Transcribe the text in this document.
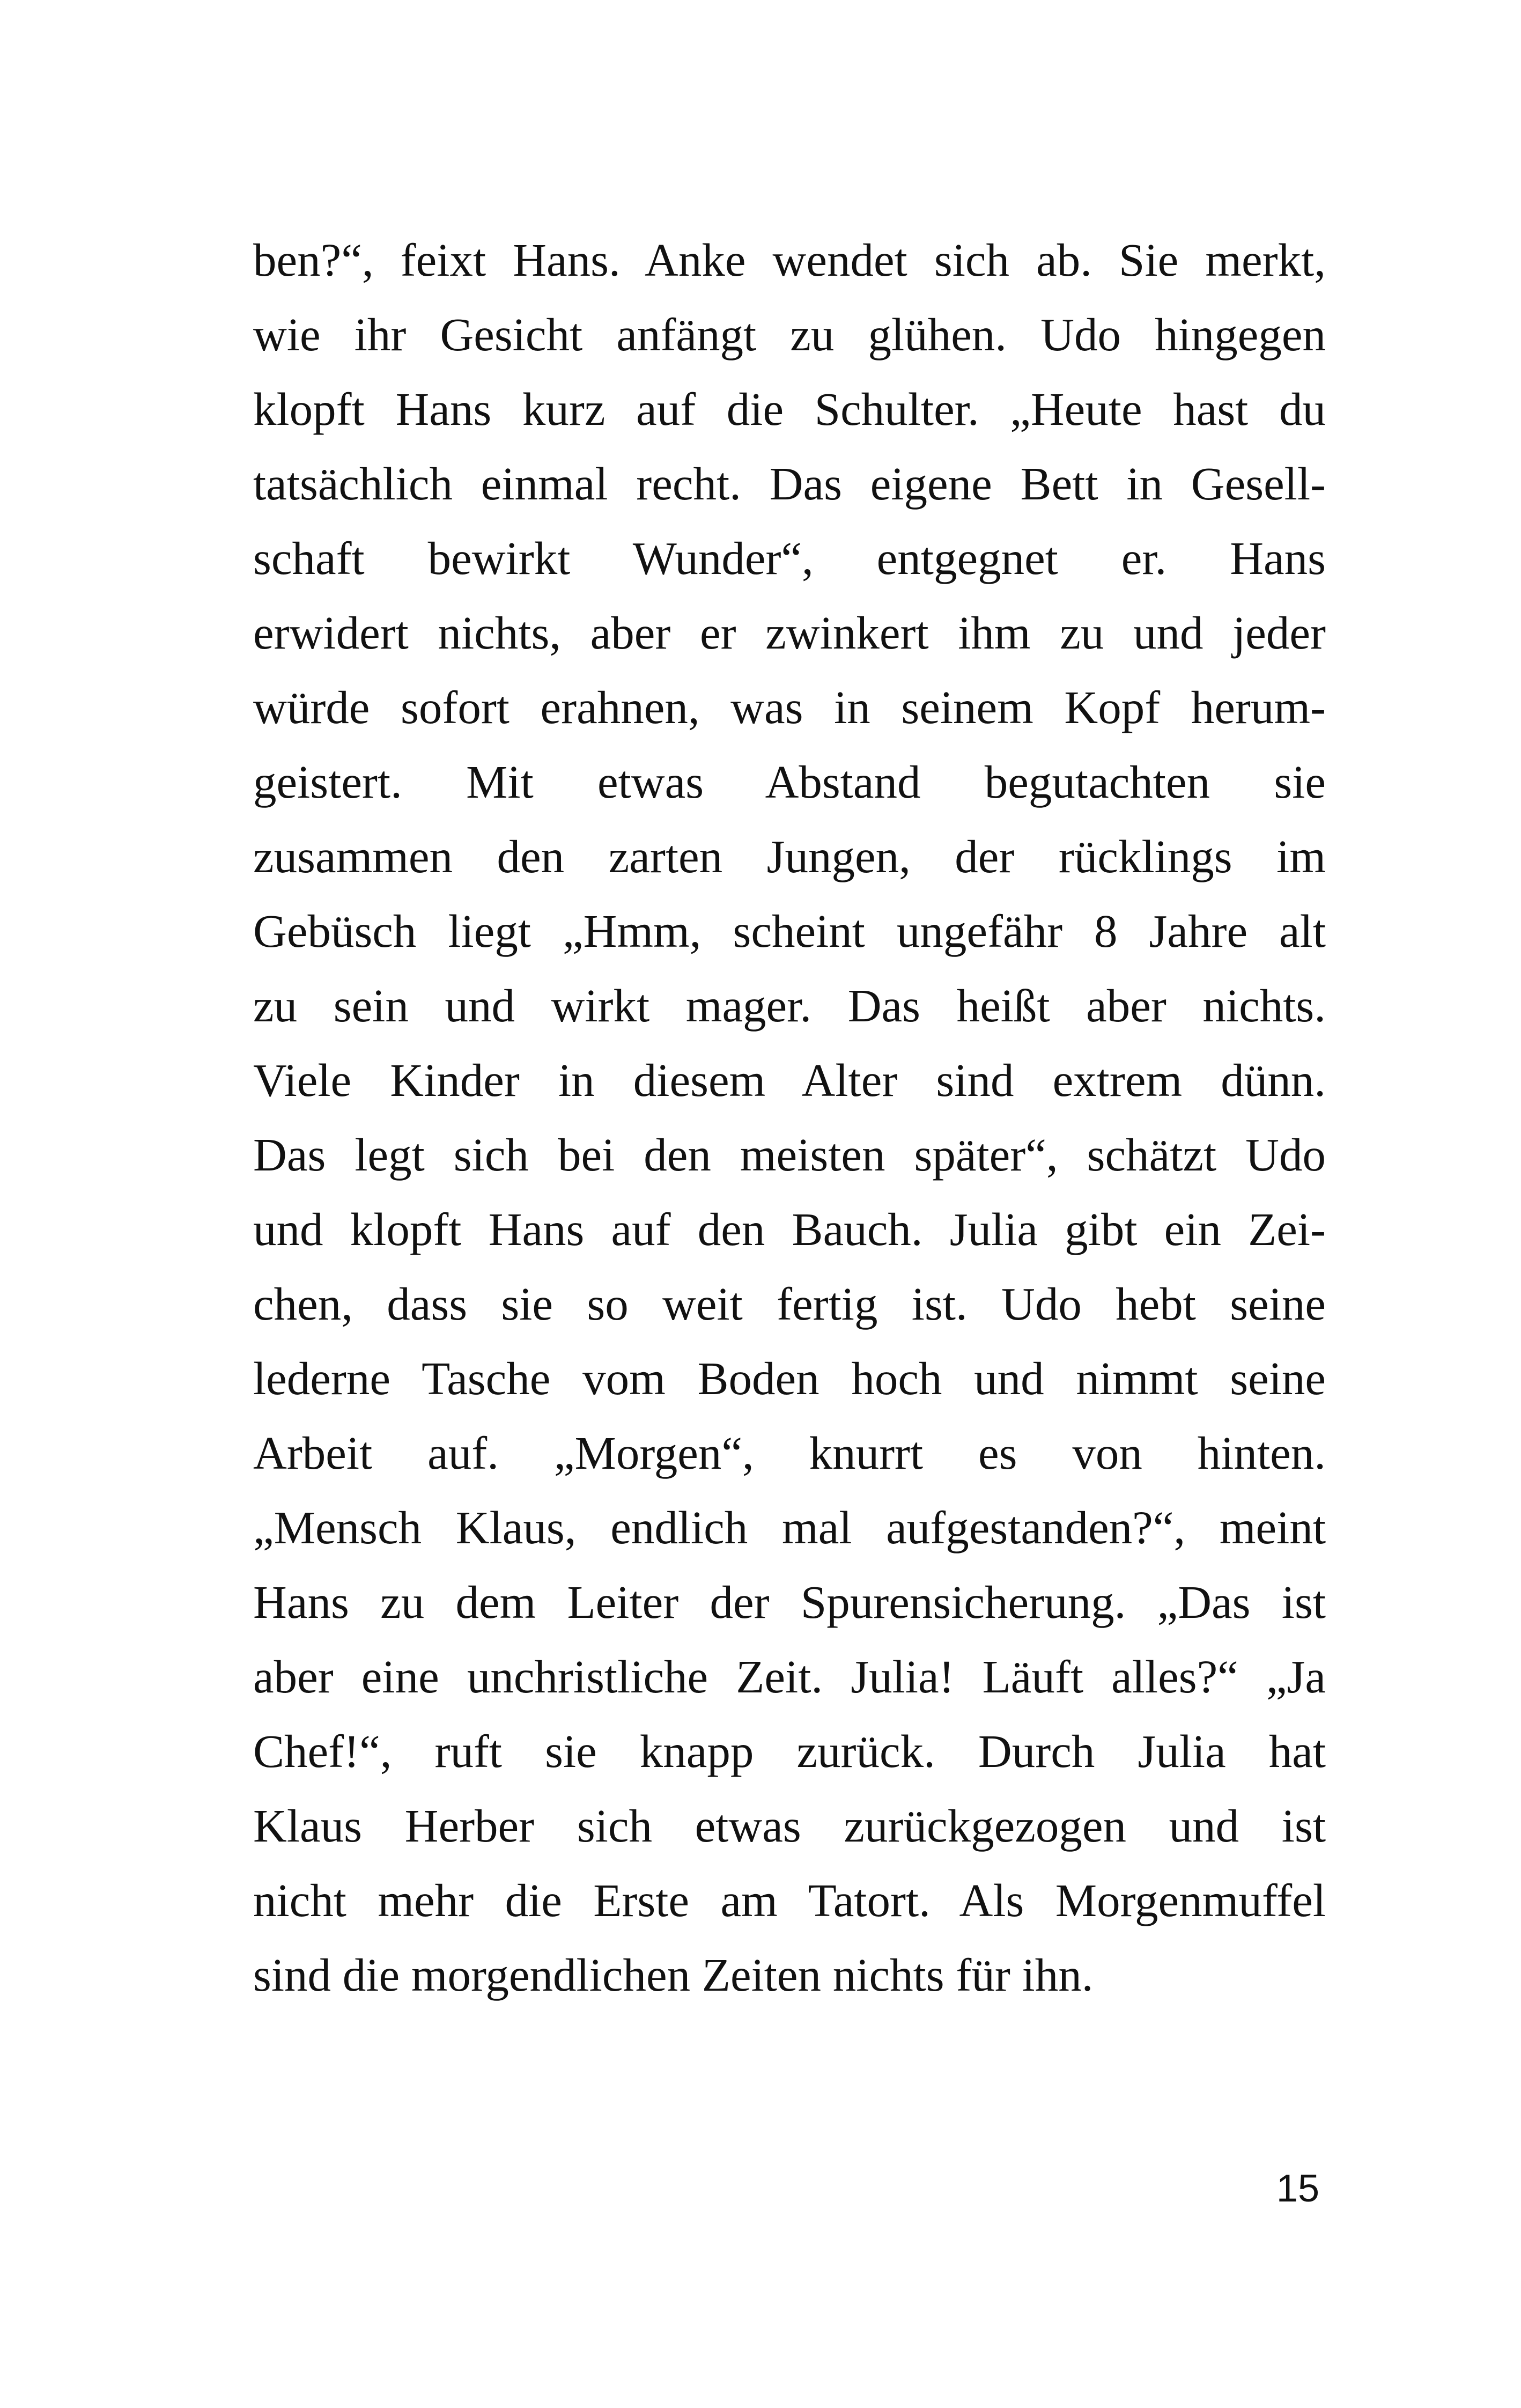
ben?“, feixt Hans. Anke wendet sich ab. Sie merkt,
wie ihr Gesicht anfängt zu glühen. Udo hingegen
klopft Hans kurz auf die Schulter. „Heute hast du
tatsächlich einmal recht. Das eigene Bett in Gesell-
schaft bewirkt Wunder“, entgegnet er. Hans
erwidert nichts, aber er zwinkert ihm zu und jeder
würde sofort erahnen, was in seinem Kopf herum-
geistert. Mit etwas Abstand begutachten sie
zusammen den zarten Jungen, der rücklings im
Gebüsch liegt „Hmm, scheint ungefähr 8 Jahre alt
zu sein und wirkt mager. Das heißt aber nichts.
Viele Kinder in diesem Alter sind extrem dünn.
Das legt sich bei den meisten später“, schätzt Udo
und klopft Hans auf den Bauch. Julia gibt ein Zei-
chen, dass sie so weit fertig ist. Udo hebt seine
lederne Tasche vom Boden hoch und nimmt seine
Arbeit auf. „Morgen“, knurrt es von hinten.
„Mensch Klaus, endlich mal aufgestanden?“, meint
Hans zu dem Leiter der Spurensicherung. „Das ist
aber eine unchristliche Zeit. Julia! Läuft alles?“ „Ja
Chef!“, ruft sie knapp zurück. Durch Julia hat
Klaus Herber sich etwas zurückgezogen und ist
nicht mehr die Erste am Tatort. Als Morgenmuffel
sind die morgendlichen Zeiten nichts für ihn.
15
